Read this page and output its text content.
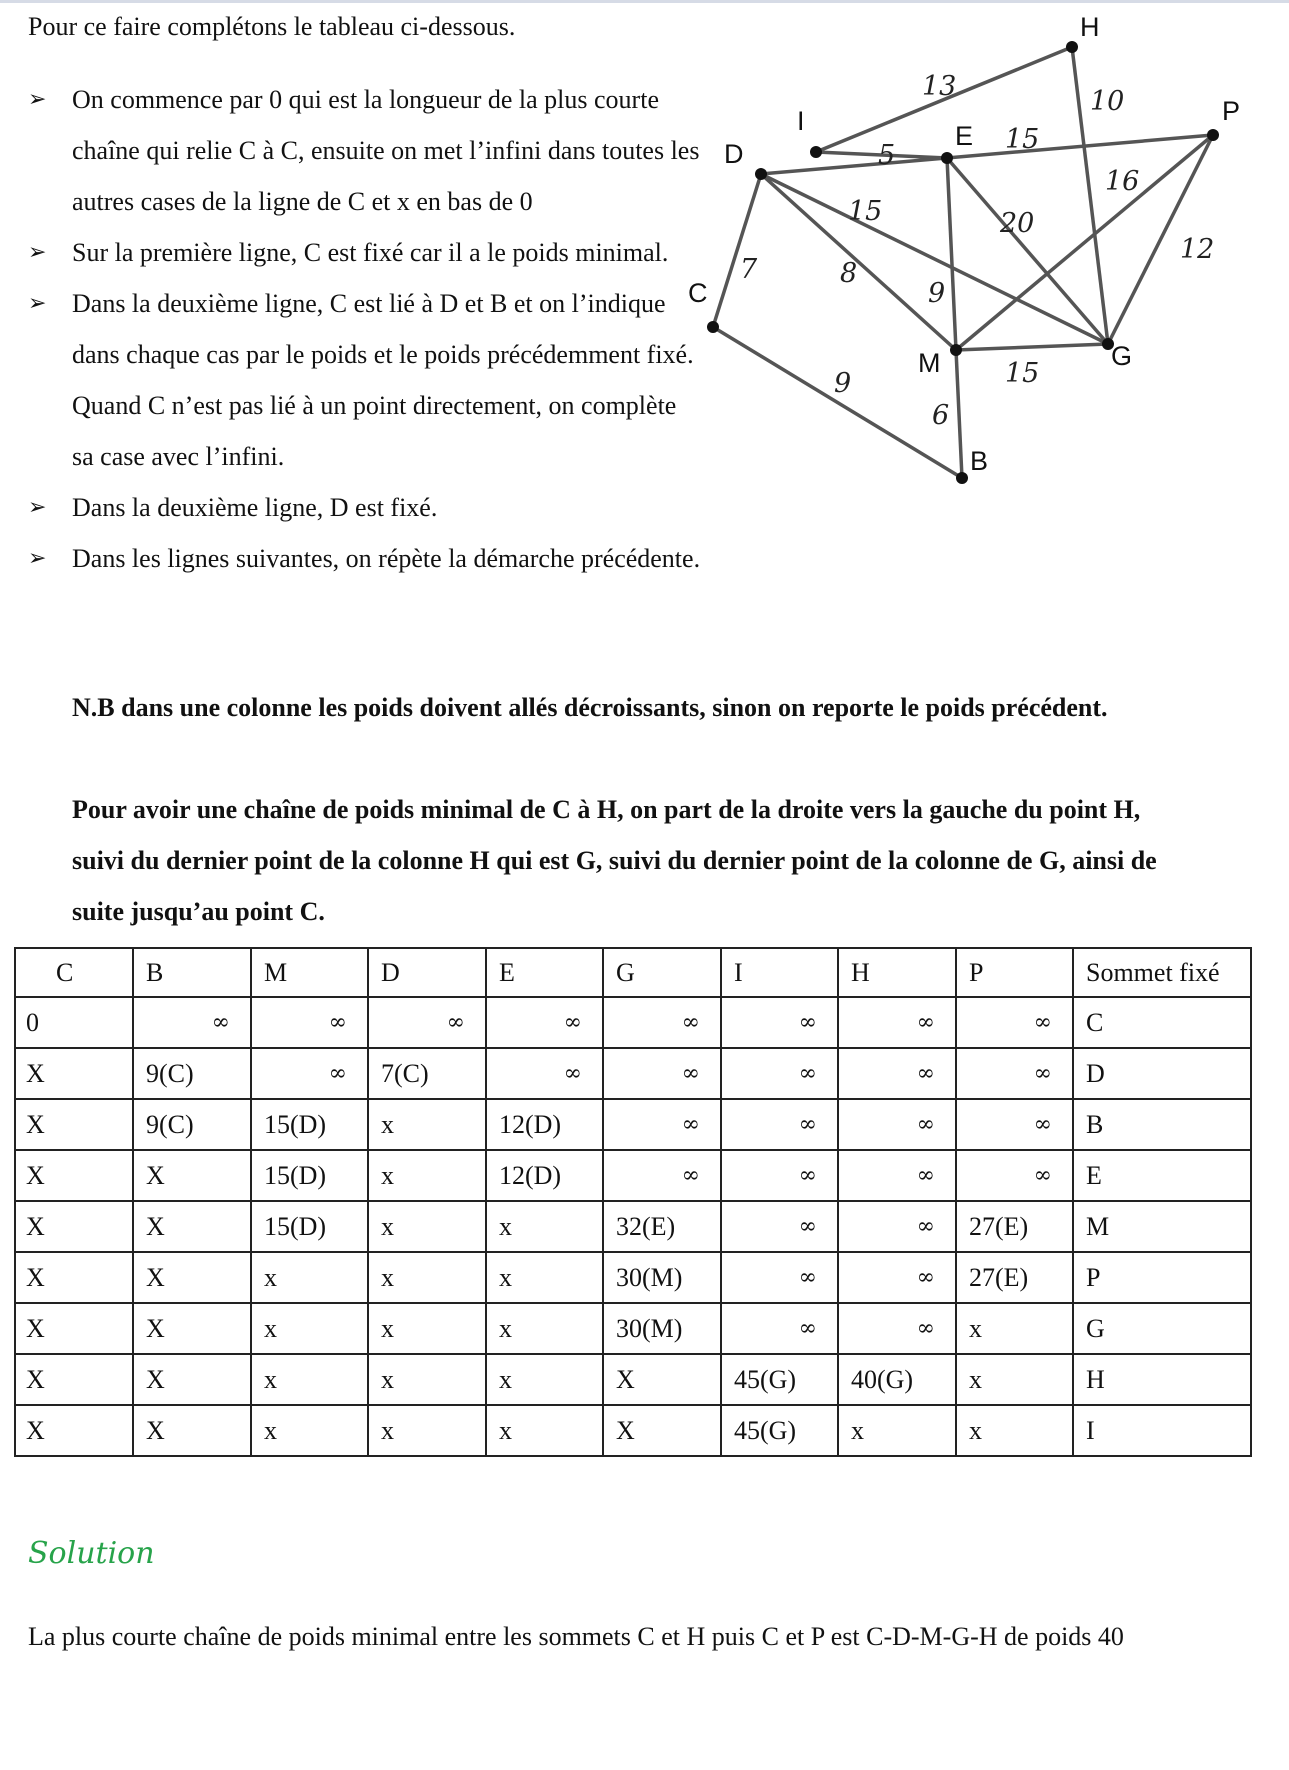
Pour ce faire complétons le tableau ci-dessous.

➢ On commence par 0 qui est la longueur de la plus courte chaîne qui relie C à C, ensuite on met l’infini dans toutes les autres cases de la ligne de C et x en bas de 0
➢ Sur la première ligne, C est fixé car il a le poids minimal.
➢ Dans la deuxième ligne, C est lié à D et B et on l’indique dans chaque cas par le poids et le poids précédemment fixé. Quand C n’est pas lié à un point directement, on complète sa case avec l’infini.
➢ Dans la deuxième ligne, D est fixé.
➢ Dans les lignes suivantes, on répète la démarche précédente.

N.B dans une colonne les poids doivent allés décroissants, sinon on reporte le poids précédent.

Pour avoir une chaîne de poids minimal de C à H, on part de la droite vers la gauche du point H, suivi du dernier point de la colonne H qui est G, suivi du dernier point de la colonne de G, ainsi de suite jusqu’au point C.

H
P
I
D
E
C
M	G
B
13
5
15
10
16
12
20
15
8
9
7
9
6
15
C	B	M	D	E	G	I	H	P	Sommet fixé
0	∞	∞	∞	∞	∞	∞	∞	∞	C
X	9(C)	∞	7(C)	∞	∞	∞	∞	∞	D
X	9(C)	15(D)	x	12(D)	∞	∞	∞	∞	B
X	X	15(D)	x	12(D)	∞	∞	∞	∞	E
X	X	15(D)	x	x	32(E)	∞	∞	27(E)	M
X	X	x	x	x	30(M)	∞	∞	27(E)	P
X	X	x	x	x	30(M)	∞	∞	x	G
X	X	x	x	x	X	45(G)	40(G)	x	H
X	X	x	x	x	X	45(G)	x	x	I
Solution

La plus courte chaîne de poids minimal entre les sommets C et H puis C et P est C-D-M-G-H de poids 40
